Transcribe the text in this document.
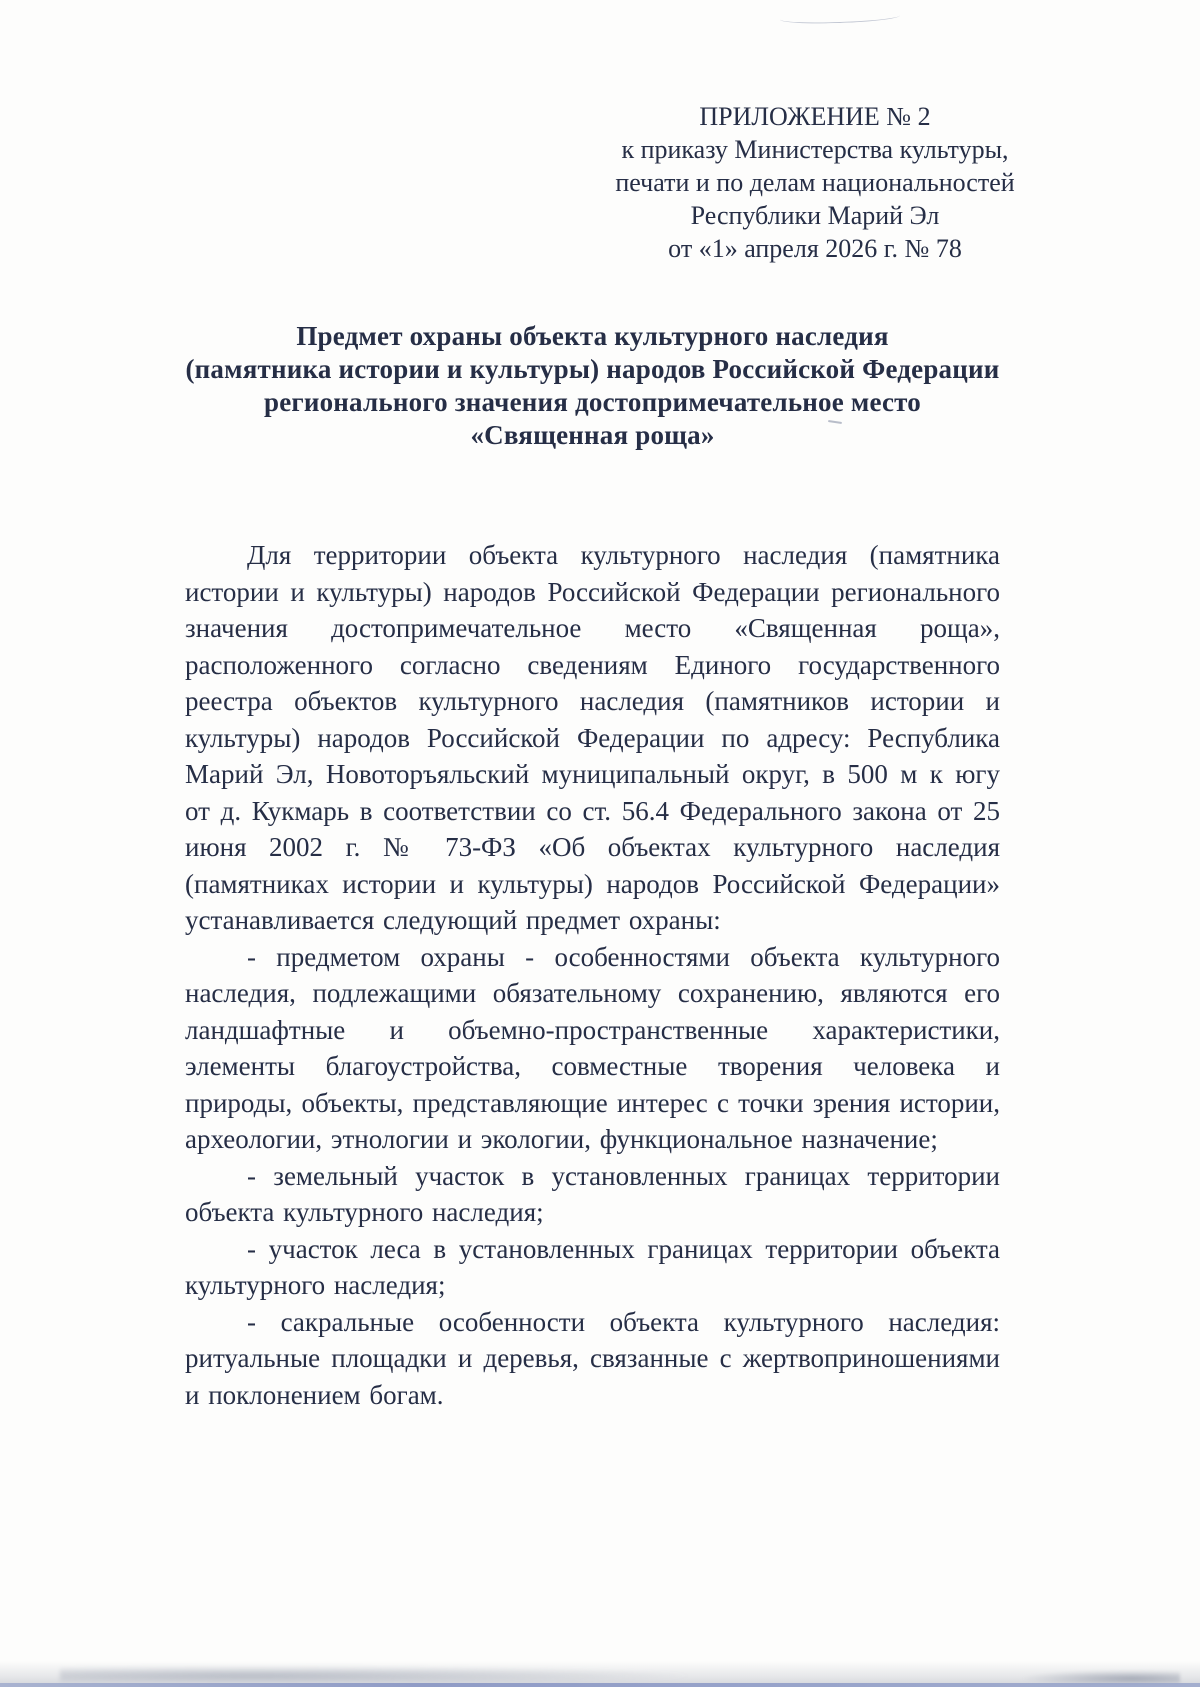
ПРИЛОЖЕНИЕ № 2
к приказу Министерства культуры,
печати и по делам национальностей
Республики Марий Эл
от «1» апреля 2026 г. № 78
Предмет охраны объекта культурного наследия
(памятника истории и культуры) народов Российской Федерации
регионального значения достопримечательное место
«Священная роща»

Для территории объекта культурного наследия (памятника истории и культуры) народов Российской Федерации регионального значения достопримечательное место «Священная роща», расположенного согласно сведениям Единого государственного реестра объектов культурного наследия (памятников истории и культуры) народов Российской Федерации по адресу: Республика Марий Эл, Новоторъяльский муниципальный округ, в 500 м к югу от д. Кукмарь в соответствии со ст. 56.4 Федерального закона от 25 июня 2002 г. № 73-ФЗ «Об объектах культурного наследия (памятниках истории и культуры) народов Российской Федерации» устанавливается следующий предмет охраны:

- предметом охраны - особенностями объекта культурного наследия, подлежащими обязательному сохранению, являются его ландшафтные и объемно-пространственные характеристики, элементы благоустройства, совместные творения человека и природы, объекты, представляющие интерес с точки зрения истории, археологии, этнологии и экологии, функциональное назначение;

- земельный участок в установленных границах территории объекта культурного наследия;

- участок леса в установленных границах территории объекта культурного наследия;

- сакральные особенности объекта культурного наследия: ритуальные площадки и деревья, связанные с жертвоприношениями и поклонением богам.
